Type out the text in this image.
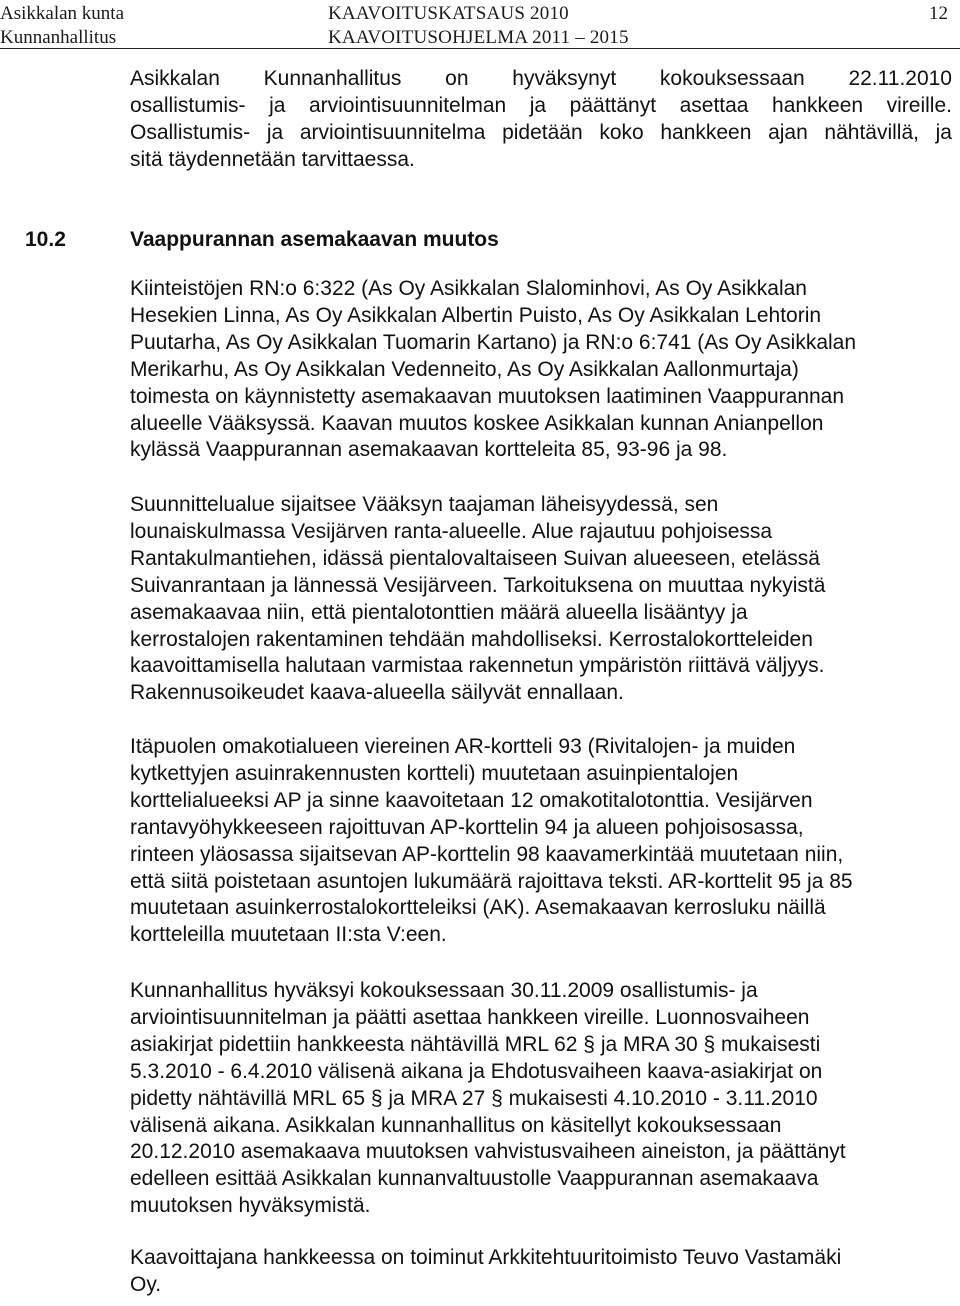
Asikkalan kunta
Kunnanhallitus
KAAVOITUSKATSAUS 2010
KAAVOITUSOHJELMA 2011 – 2015
12
Asikkalan Kunnanhallitus on hyväksynyt kokouksessaan 22.11.2010
osallistumis- ja arviointisuunnitelman ja päättänyt asettaa hankkeen vireille.
Osallistumis- ja arviointisuunnitelma pidetään koko hankkeen ajan nähtävillä, ja
sitä täydennetään tarvittaessa.
10.2	Vaappurannan asemakaavan muutos
Kiinteistöjen RN:o 6:322 (As Oy Asikkalan Slalominhovi, As Oy Asikkalan
Hesekien Linna, As Oy Asikkalan Albertin Puisto, As Oy Asikkalan Lehtorin
Puutarha, As Oy Asikkalan Tuomarin Kartano) ja RN:o 6:741 (As Oy Asikkalan
Merikarhu, As Oy Asikkalan Vedenneito, As Oy Asikkalan Aallonmurtaja)
toimesta on käynnistetty asemakaavan muutoksen laatiminen Vaappurannan
alueelle Vääksyssä. Kaavan muutos koskee Asikkalan kunnan Anianpellon
kylässä Vaappurannan asemakaavan kortteleita 85, 93-96 ja 98.
Suunnittelualue sijaitsee Vääksyn taajaman läheisyydessä, sen
lounaiskulmassa Vesijärven ranta-alueelle. Alue rajautuu pohjoisessa
Rantakulmantiehen, idässä pientalovaltaiseen Suivan alueeseen, etelässä
Suivanrantaan ja lännessä Vesijärveen. Tarkoituksena on muuttaa nykyistä
asemakaavaa niin, että pientalotonttien määrä alueella lisääntyy ja
kerrostalojen rakentaminen tehdään mahdolliseksi. Kerrostalokortteleiden
kaavoittamisella halutaan varmistaa rakennetun ympäristön riittävä väljyys.
Rakennusoikeudet kaava-alueella säilyvät ennallaan.
Itäpuolen omakotialueen viereinen AR-kortteli 93 (Rivitalojen- ja muiden
kytkettyjen asuinrakennusten kortteli) muutetaan asuinpientalojen
korttelialueeksi AP ja sinne kaavoitetaan 12 omakotitalotonttia. Vesijärven
rantavyöhykkeeseen rajoittuvan AP-korttelin 94 ja alueen pohjoisosassa,
rinteen yläosassa sijaitsevan AP-korttelin 98 kaavamerkintää muutetaan niin,
että siitä poistetaan asuntojen lukumäärä rajoittava teksti. AR-korttelit 95 ja 85
muutetaan asuinkerrostalokortteleiksi (AK). Asemakaavan kerrosluku näillä
kortteleilla muutetaan II:sta V:een.
Kunnanhallitus hyväksyi kokouksessaan 30.11.2009 osallistumis- ja
arviointisuunnitelman ja päätti asettaa hankkeen vireille. Luonnosvaiheen
asiakirjat pidettiin hankkeesta nähtävillä MRL 62 § ja MRA 30 § mukaisesti
5.3.2010 - 6.4.2010 välisenä aikana ja Ehdotusvaiheen kaava-asiakirjat on
pidetty nähtävillä MRL 65 § ja MRA 27 § mukaisesti 4.10.2010 - 3.11.2010
välisenä aikana. Asikkalan kunnanhallitus on käsitellyt kokouksessaan
20.12.2010 asemakaava muutoksen vahvistusvaiheen aineiston, ja päättänyt
edelleen esittää Asikkalan kunnanvaltuustolle Vaappurannan asemakaava
muutoksen hyväksymistä.
Kaavoittajana hankkeessa on toiminut Arkkitehtuuritoimisto Teuvo Vastamäki
Oy.
